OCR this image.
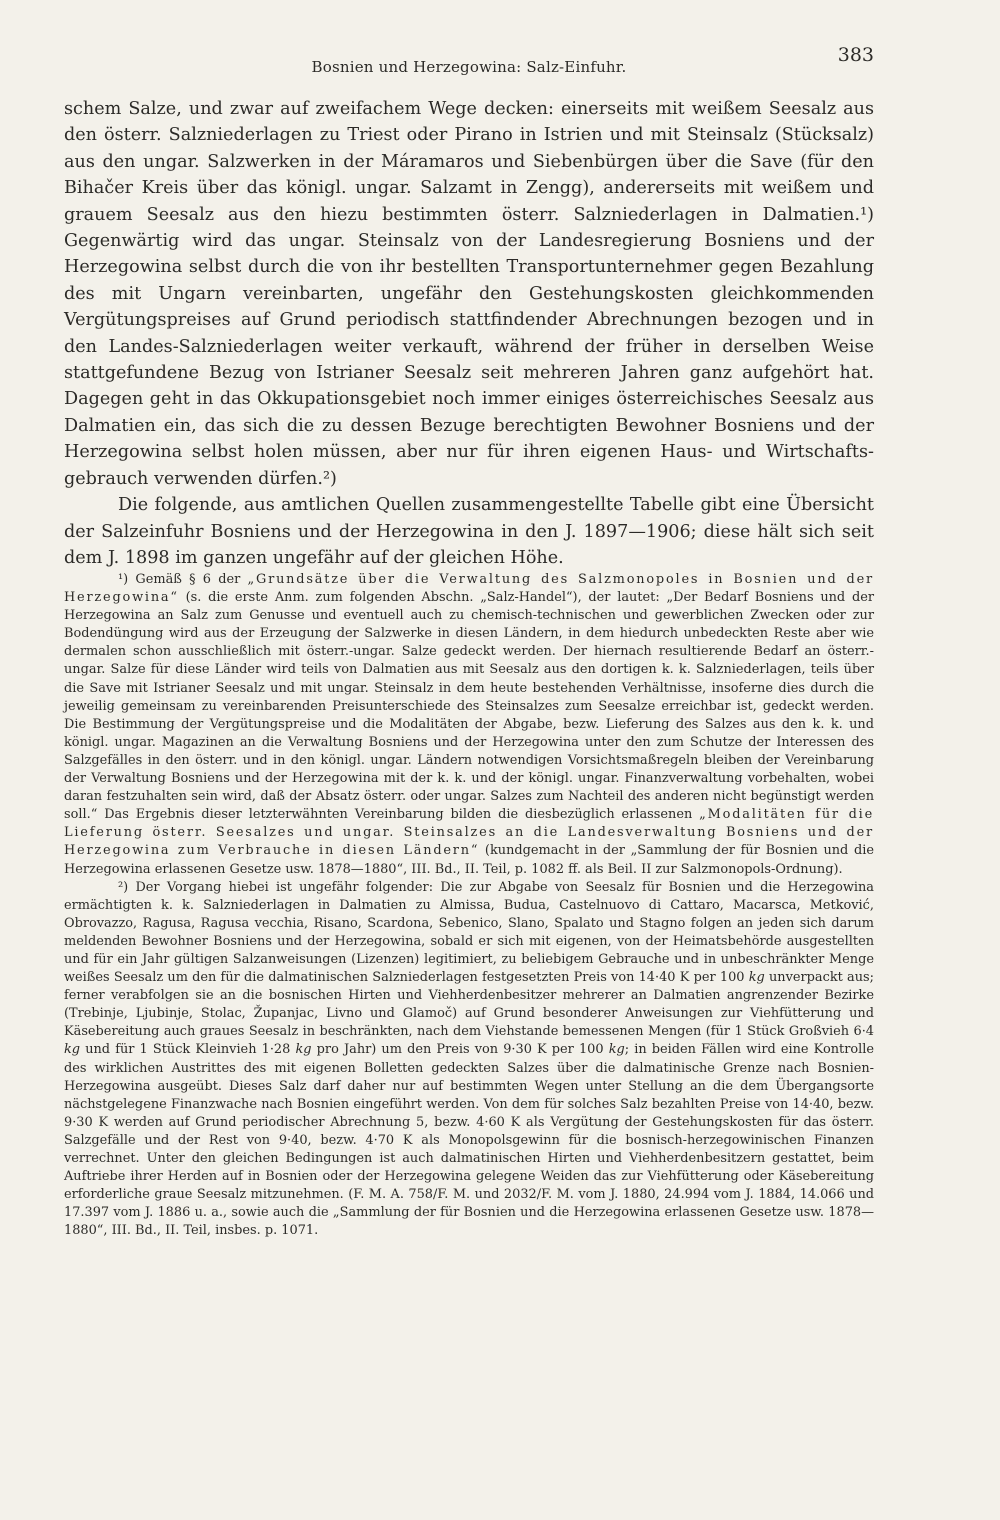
Bosnien und Herzegowina: Salz-Einfuhr.
383

schem Salze, und zwar auf zweifachem Wege decken: einerseits mit weißem Seesalz aus den österr. Salzniederlagen zu Triest oder Pirano in Istrien und mit Steinsalz (Stücksalz) aus den ungar. Salzwerken in der Máramaros und Siebenbürgen über die Save (für den Bihačer Kreis über das königl. ungar. Salzamt in Zengg), andererseits mit weißem und grauem Seesalz aus den hiezu bestimmten österr. Salzniederlagen in Dalmatien.¹) Gegenwärtig wird das ungar. Steinsalz von der Landesregierung Bosniens und der Herzegowina selbst durch die von ihr bestellten Transportunternehmer gegen Bezahlung des mit Ungarn vereinbarten, ungefähr den Gestehungskosten gleichkommenden Vergütungspreises auf Grund periodisch stattfindender Abrechnungen bezogen und in den Landes-Salzniederlagen weiter verkauft, während der früher in derselben Weise stattgefundene Bezug von Istrianer Seesalz seit mehreren Jahren ganz aufgehört hat. Dagegen geht in das Okkupationsgebiet noch immer einiges österreichisches Seesalz aus Dalmatien ein, das sich die zu dessen Bezuge berechtigten Bewohner Bosniens und der Herzegowina selbst holen müssen, aber nur für ihren eigenen Haus- und Wirtschaftsgebrauch verwenden dürfen.²)

Die folgende, aus amtlichen Quellen zusammengestellte Tabelle gibt eine Übersicht der Salzeinfuhr Bosniens und der Herzegowina in den J. 1897—1906; diese hält sich seit dem J. 1898 im ganzen ungefähr auf der gleichen Höhe.

¹) Gemäß § 6 der „Grundsätze über die Verwaltung des Salzmonopoles in Bosnien und der Herzegowina“ (s. die erste Anm. zum folgenden Abschn. „Salz-Handel“), der lautet: „Der Bedarf Bosniens und der Herzegowina an Salz zum Genusse und eventuell auch zu chemisch-technischen und gewerblichen Zwecken oder zur Bodendüngung wird aus der Erzeugung der Salzwerke in diesen Ländern, in dem hiedurch unbedeckten Reste aber wie dermalen schon ausschließlich mit österr.-ungar. Salze gedeckt werden. Der hiernach resultierende Bedarf an österr.-ungar. Salze für diese Länder wird teils von Dalmatien aus mit Seesalz aus den dortigen k. k. Salzniederlagen, teils über die Save mit Istrianer Seesalz und mit ungar. Steinsalz in dem heute bestehenden Verhältnisse, insoferne dies durch die jeweilig gemeinsam zu vereinbarenden Preisunterschiede des Steinsalzes zum Seesalze erreichbar ist, gedeckt werden. Die Bestimmung der Vergütungspreise und die Modalitäten der Abgabe, bezw. Lieferung des Salzes aus den k. k. und königl. ungar. Magazinen an die Verwaltung Bosniens und der Herzegowina unter den zum Schutze der Interessen des Salzgefälles in den österr. und in den königl. ungar. Ländern notwendigen Vorsichtsmaßregeln bleiben der Vereinbarung der Verwaltung Bosniens und der Herzegowina mit der k. k. und der königl. ungar. Finanzverwaltung vorbehalten, wobei daran festzuhalten sein wird, daß der Absatz österr. oder ungar. Salzes zum Nachteil des anderen nicht begünstigt werden soll.“ Das Ergebnis dieser letzterwähnten Vereinbarung bilden die diesbezüglich erlassenen „Modalitäten für die Lieferung österr. Seesalzes und ungar. Steinsalzes an die Landesverwaltung Bosniens und der Herzegowina zum Verbrauche in diesen Ländern“ (kundgemacht in der „Sammlung der für Bosnien und die Herzegowina erlassenen Gesetze usw. 1878—1880“, III. Bd., II. Teil, p. 1082 ff. als Beil. II zur Salzmonopols-Ordnung).

²) Der Vorgang hiebei ist ungefähr folgender: Die zur Abgabe von Seesalz für Bosnien und die Herzegowina ermächtigten k. k. Salzniederlagen in Dalmatien zu Almissa, Budua, Castelnuovo di Cattaro, Macarsca, Metković, Obrovazzo, Ragusa, Ragusa vecchia, Risano, Scardona, Sebenico, Slano, Spalato und Stagno folgen an jeden sich darum meldenden Bewohner Bosniens und der Herzegowina, sobald er sich mit eigenen, von der Heimatsbehörde ausgestellten und für ein Jahr gültigen Salzanweisungen (Lizenzen) legitimiert, zu beliebigem Gebrauche und in unbeschränkter Menge weißes Seesalz um den für die dalmatinischen Salzniederlagen festgesetzten Preis von 14·40 K per 100 kg unverpackt aus; ferner verabfolgen sie an die bosnischen Hirten und Viehherdenbesitzer mehrerer an Dalmatien angrenzender Bezirke (Trebinje, Ljubinje, Stolac, Županjac, Livno und Glamoč) auf Grund besonderer Anweisungen zur Viehfütterung und Käsebereitung auch graues Seesalz in beschränkten, nach dem Viehstande bemessenen Mengen (für 1 Stück Großvieh 6·4 kg und für 1 Stück Kleinvieh 1·28 kg pro Jahr) um den Preis von 9·30 K per 100 kg; in beiden Fällen wird eine Kontrolle des wirklichen Austrittes des mit eigenen Bolletten gedeckten Salzes über die dalmatinische Grenze nach Bosnien-Herzegowina ausgeübt. Dieses Salz darf daher nur auf bestimmten Wegen unter Stellung an die dem Übergangsorte nächstgelegene Finanzwache nach Bosnien eingeführt werden. Von dem für solches Salz bezahlten Preise von 14·40, bezw. 9·30 K werden auf Grund periodischer Abrechnung 5, bezw. 4·60 K als Vergütung der Gestehungskosten für das österr. Salzgefälle und der Rest von 9·40, bezw. 4·70 K als Monopolsgewinn für die bosnisch-herzegowinischen Finanzen verrechnet. Unter den gleichen Bedingungen ist auch dalmatinischen Hirten und Viehherdenbesitzern gestattet, beim Auftriebe ihrer Herden auf in Bosnien oder der Herzegowina gelegene Weiden das zur Viehfütterung oder Käsebereitung erforderliche graue Seesalz mitzunehmen. (F. M. A. 758/F. M. und 2032/F. M. vom J. 1880, 24.994 vom J. 1884, 14.066 und 17.397 vom J. 1886 u. a., sowie auch die „Sammlung der für Bosnien und die Herzegowina erlassenen Gesetze usw. 1878—1880“, III. Bd., II. Teil, insbes. p. 1071.
